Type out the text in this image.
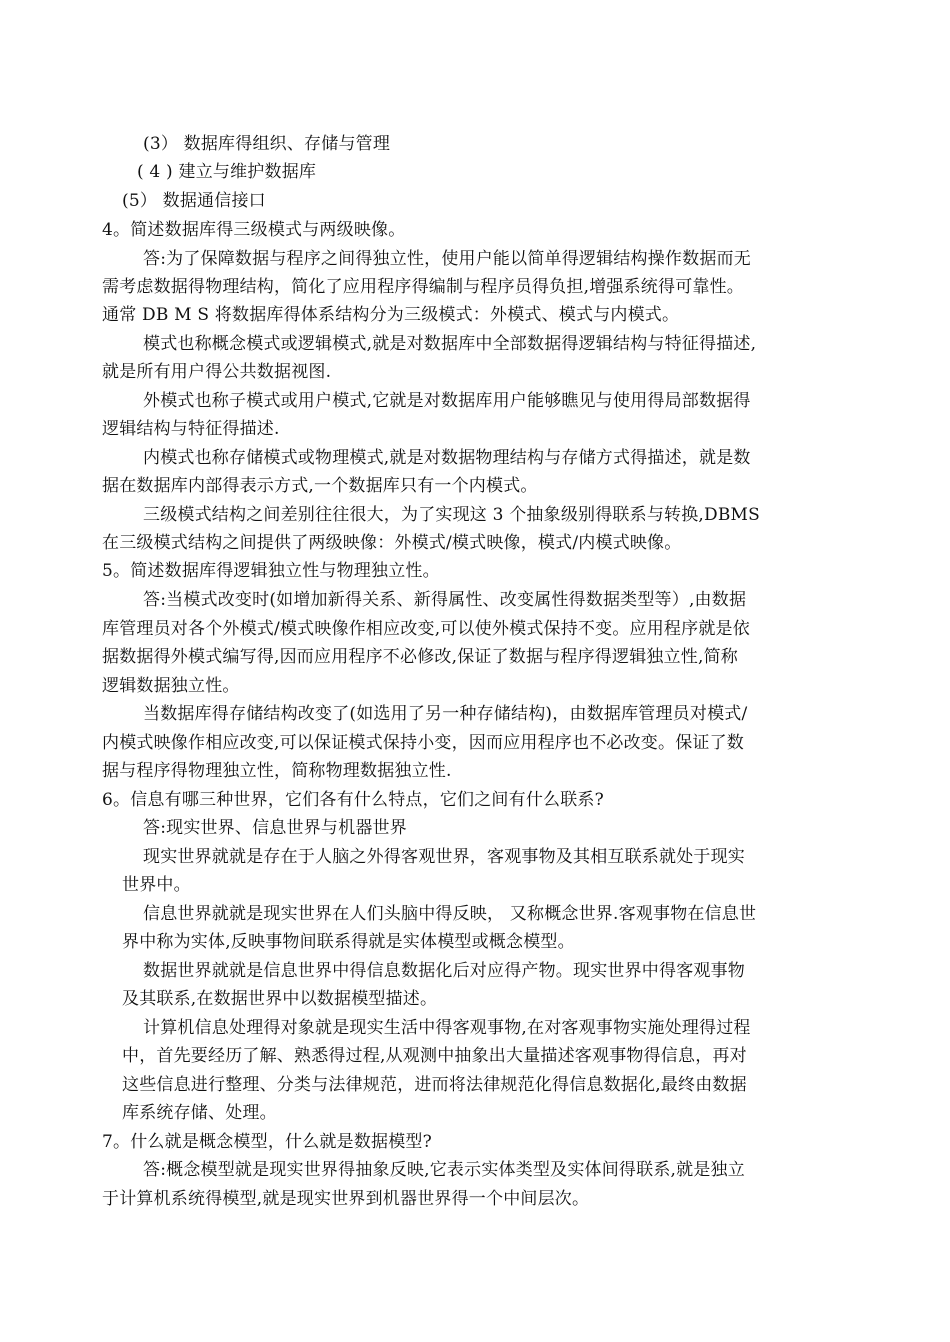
(3） 数据库得组织、存储与管理
( 4 ) 建立与维护数据库
(5） 数据通信接口
4。简述数据库得三级模式与两级映像。
答:为了保障数据与程序之间得独立性，使用户能以简单得逻辑结构操作数据而无
需考虑数据得物理结构，简化了应用程序得编制与程序员得负担,增强系统得可靠性。
通常 DB M S 将数据库得体系结构分为三级模式：外模式、模式与内模式。
模式也称概念模式或逻辑模式,就是对数据库中全部数据得逻辑结构与特征得描述,
就是所有用户得公共数据视图.
外模式也称子模式或用户模式,它就是对数据库用户能够瞧见与使用得局部数据得
逻辑结构与特征得描述.
内模式也称存储模式或物理模式,就是对数据物理结构与存储方式得描述，就是数
据在数据库内部得表示方式,一个数据库只有一个内模式。
三级模式结构之间差别往往很大，为了实现这 3 个抽象级别得联系与转换,DBMS
在三级模式结构之间提供了两级映像：外模式/模式映像，模式/内模式映像。
5。简述数据库得逻辑独立性与物理独立性。
答:当模式改变时(如增加新得关系、新得属性、改变属性得数据类型等）,由数据
库管理员对各个外模式/模式映像作相应改变,可以使外模式保持不变。应用程序就是依
据数据得外模式编写得,因而应用程序不必修改,保证了数据与程序得逻辑独立性,简称
逻辑数据独立性。
当数据库得存储结构改变了(如选用了另一种存储结构)，由数据库管理员对模式/
内模式映像作相应改变,可以保证模式保持小变，因而应用程序也不必改变。保证了数
据与程序得物理独立性，简称物理数据独立性.
6。信息有哪三种世界，它们各有什么特点，它们之间有什么联系?
答:现实世界、信息世界与机器世界
现实世界就就是存在于人脑之外得客观世界，客观事物及其相互联系就处于现实
世界中。
信息世界就就是现实世界在人们头脑中得反映， 又称概念世界.客观事物在信息世
界中称为实体,反映事物间联系得就是实体模型或概念模型。
数据世界就就是信息世界中得信息数据化后对应得产物。现实世界中得客观事物
及其联系,在数据世界中以数据模型描述。
计算机信息处理得对象就是现实生活中得客观事物,在对客观事物实施处理得过程
中，首先要经历了解、熟悉得过程,从观测中抽象出大量描述客观事物得信息，再对
这些信息进行整理、分类与法律规范，进而将法律规范化得信息数据化,最终由数据
库系统存储、处理。
7。什么就是概念模型，什么就是数据模型?
答:概念模型就是现实世界得抽象反映,它表示实体类型及实体间得联系,就是独立
于计算机系统得模型,就是现实世界到机器世界得一个中间层次。
